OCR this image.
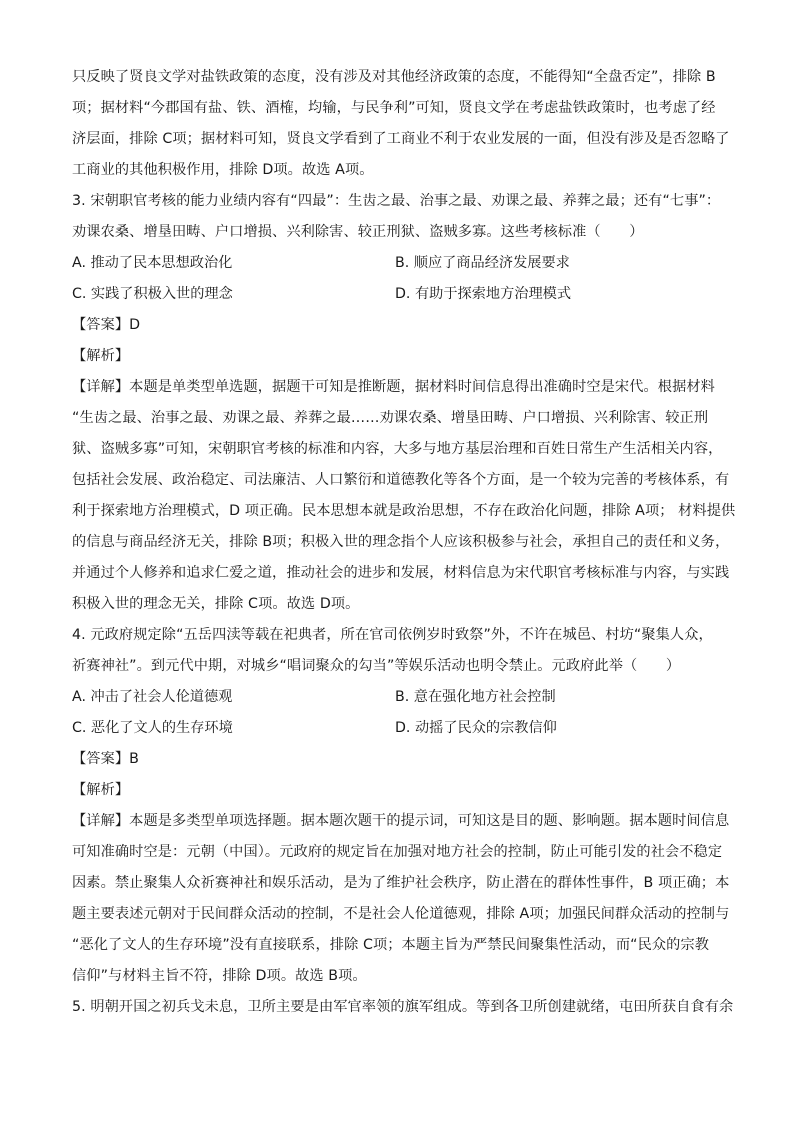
只反映了贤良文学对盐铁政策的态度，没有涉及对其他经济政策的态度，不能得知“全盘否定”，排除 B
项；据材料“今郡国有盐、铁、酒榷，均输，与民争利”可知，贤良文学在考虑盐铁政策时，也考虑了经
济层面，排除 C项；据材料可知，贤良文学看到了工商业不利于农业发展的一面，但没有涉及是否忽略了
工商业的其他积极作用，排除 D项。故选 A项。
3. 宋朝职官考核的能力业绩内容有“四最”：生齿之最、治事之最、劝课之最、养葬之最；还有“七事”：
劝课农桑、增垦田畴、户口增损、兴利除害、较正刑狱、盗贼多寡。这些考核标准（　　）
A. 推动了民本思想政治化	B. 顺应了商品经济发展要求
C. 实践了积极入世的理念	D. 有助于探索地方治理模式
【答案】D
【解析】
【详解】本题是单类型单选题，据题干可知是推断题，据材料时间信息得出准确时空是宋代。根据材料
“生齿之最、治事之最、劝课之最、养葬之最……劝课农桑、增垦田畴、户口增损、兴利除害、较正刑
狱、盗贼多寡”可知，宋朝职官考核的标准和内容，大多与地方基层治理和百姓日常生产生活相关内容，
包括社会发展、政治稳定、司法廉洁、人口繁衍和道德教化等各个方面，是一个较为完善的考核体系，有
利于探索地方治理模式，D 项正确。民本思想本就是政治思想，不存在政治化问题，排除 A项； 材料提供
的信息与商品经济无关，排除 B项；积极入世的理念指个人应该积极参与社会，承担自己的责任和义务，
并通过个人修养和追求仁爱之道，推动社会的进步和发展，材料信息为宋代职官考核标准与内容，与实践
积极入世的理念无关，排除 C项。故选 D项。
4. 元政府规定除“五岳四渎等载在祀典者，所在官司依例岁时致祭”外，不许在城邑、村坊“聚集人众，
祈赛神社”。到元代中期，对城乡“唱词聚众的勾当”等娱乐活动也明令禁止。元政府此举（　　）
A. 冲击了社会人伦道德观	B. 意在强化地方社会控制
C. 恶化了文人的生存环境	D. 动摇了民众的宗教信仰
【答案】B
【解析】
【详解】本题是多类型单项选择题。据本题次题干的提示词，可知这是目的题、影响题。据本题时间信息
可知准确时空是：元朝（中国）。元政府的规定旨在加强对地方社会的控制，防止可能引发的社会不稳定
因素。禁止聚集人众祈赛神社和娱乐活动，是为了维护社会秩序，防止潜在的群体性事件，B 项正确；本
题主要表述元朝对于民间群众活动的控制，不是社会人伦道德观，排除 A项；加强民间群众活动的控制与
“恶化了文人的生存环境”没有直接联系，排除 C项；本题主旨为严禁民间聚集性活动，而“民众的宗教
信仰”与材料主旨不符，排除 D项。故选 B项。
5. 明朝开国之初兵戈未息，卫所主要是由军官率领的旗军组成。等到各卫所创建就绪，屯田所获自食有余
